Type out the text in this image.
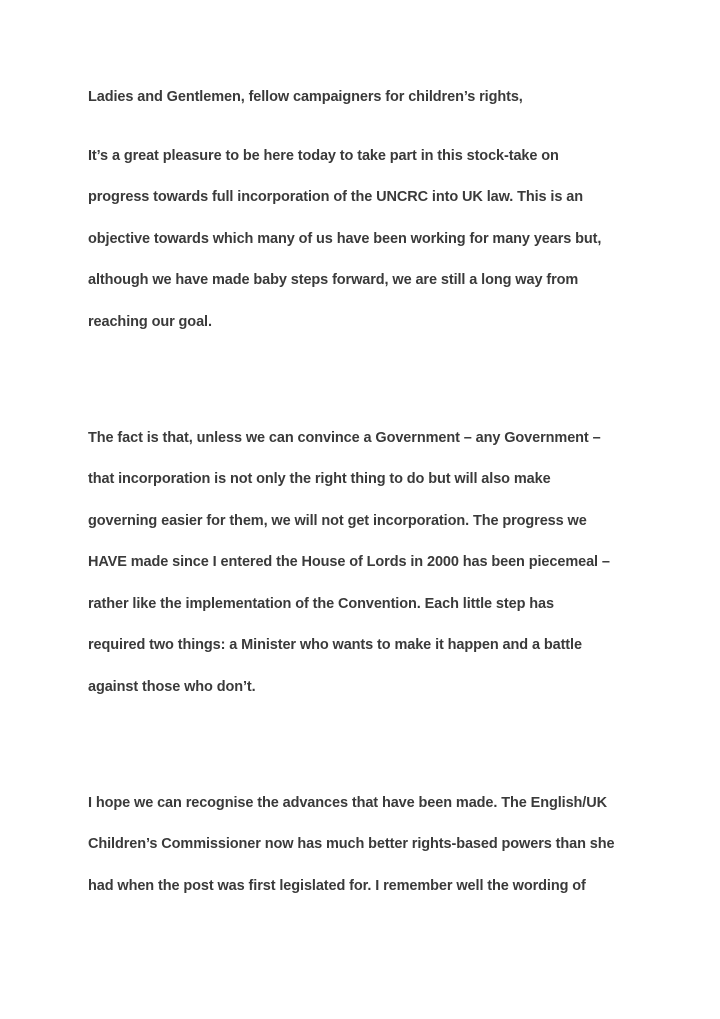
Ladies and Gentlemen, fellow campaigners for children’s rights,

It’s a great pleasure to be here today to take part in this stock-take on

progress towards full incorporation of the UNCRC into UK law. This is an

objective towards which many of us have been working for many years but,

although we have made baby steps forward, we are still a long way from

reaching our goal.

The fact is that, unless we can convince a Government – any Government –

that incorporation is not only the right thing to do but will also make

governing easier for them, we will not get incorporation. The progress we

HAVE made since I entered the House of Lords in 2000 has been piecemeal –

rather like the implementation of the Convention. Each little step has

required two things: a Minister who wants to make it happen and a battle

against those who don’t.

I hope we can recognise the advances that have been made. The English/UK

Children’s Commissioner now has much better rights-based powers than she

had when the post was first legislated for. I remember well the wording of
